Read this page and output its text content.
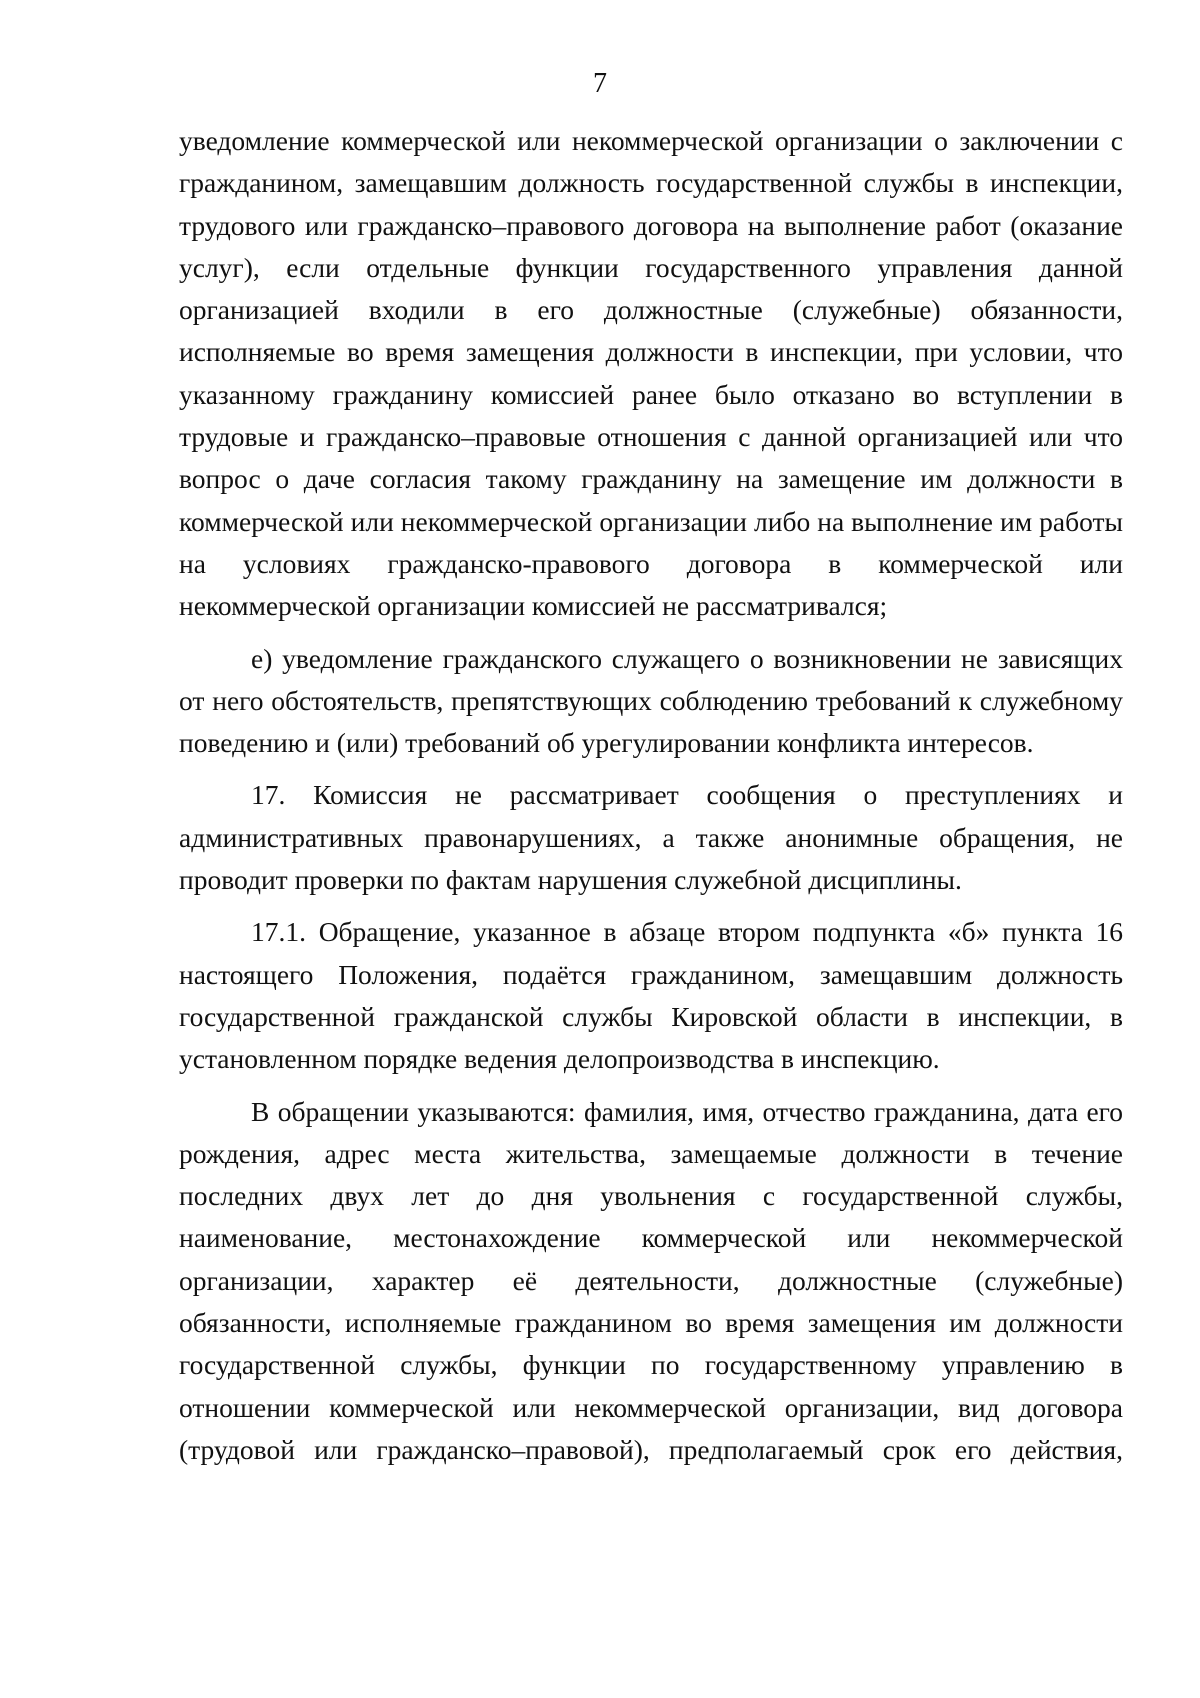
7

уведомление коммерческой или некоммерческой организации о заключении с гражданином, замещавшим должность государственной службы в инспекции, трудового или гражданско–правового договора на выполнение работ (оказание услуг), если отдельные функции государственного управления данной организацией входили в его должностные (служебные) обязанности, исполняемые во время замещения должности в инспекции, при условии, что указанному гражданину комиссией ранее было отказано во вступлении в трудовые и гражданско–правовые отношения с данной организацией или что вопрос о даче согласия такому гражданину на замещение им должности в коммерческой или некоммерческой организации либо на выполнение им работы на условиях гражданско-правового договора в коммерческой или некоммерческой организации комиссией не рассматривался;

е) уведомление гражданского служащего о возникновении не зависящих от него обстоятельств, препятствующих соблюдению требований к служебному поведению и (или) требований об урегулировании конфликта интересов.

17. Комиссия не рассматривает сообщения о преступлениях и административных правонарушениях, а также анонимные обращения, не проводит проверки по фактам нарушения служебной дисциплины.

17.1. Обращение, указанное в абзаце втором подпункта «б» пункта 16 настоящего Положения, подаётся гражданином, замещавшим должность государственной гражданской службы Кировской области в инспекции, в установленном порядке ведения делопроизводства в инспекцию.

В обращении указываются: фамилия, имя, отчество гражданина, дата его рождения, адрес места жительства, замещаемые должности в течение последних двух лет до дня увольнения с государственной службы, наименование, местонахождение коммерческой или некоммерческой организации, характер её деятельности, должностные (служебные) обязанности, исполняемые гражданином во время замещения им должности государственной службы, функции по государственному управлению в отношении коммерческой или некоммерческой организации, вид договора (трудовой или гражданско–правовой), предполагаемый срок его действия,
